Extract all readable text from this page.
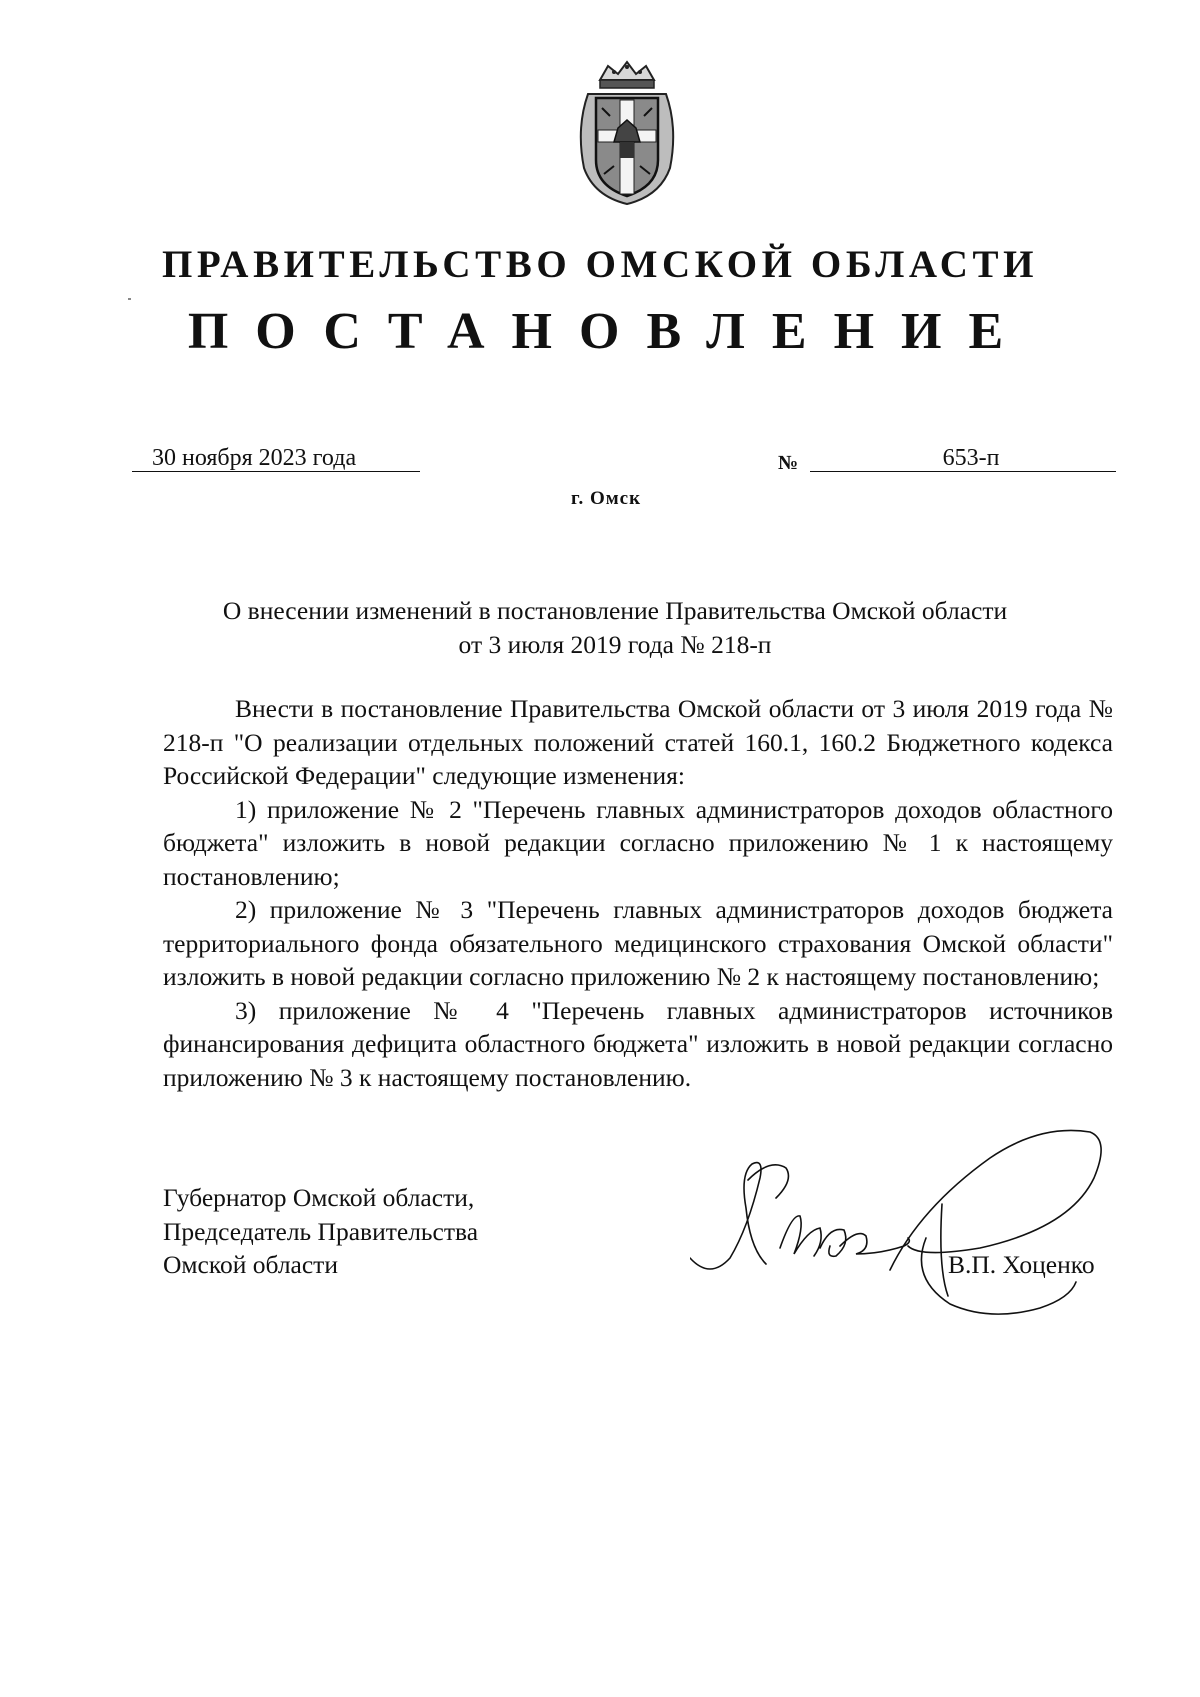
ПРАВИТЕЛЬСТВО ОМСКОЙ ОБЛАСТИ
ПОСТАНОВЛЕНИЕ
30 ноября 2023 года	№	653-п
г. Омск
О внесении изменений в постановление Правительства Омской области
от 3 июля 2019 года № 218-п

Внести в постановление Правительства Омской области от 3 июля 2019 года № 218-п "О реализации отдельных положений статей 160.1, 160.2 Бюджетного кодекса Российской Федерации" следующие изменения:

1) приложение № 2 "Перечень главных администраторов доходов областного бюджета" изложить в новой редакции согласно приложению № 1 к настоящему постановлению;

2) приложение № 3 "Перечень главных администраторов доходов бюджета территориального фонда обязательного медицинского страхования Омской области" изложить в новой редакции согласно приложению № 2 к настоящему постановлению;

3) приложение № 4 "Перечень главных администраторов источников финансирования дефицита областного бюджета" изложить в новой редакции согласно приложению № 3 к настоящему постановлению.

Губернатор Омской области,
Председатель Правительства
Омской области	В.П. Хоценко
